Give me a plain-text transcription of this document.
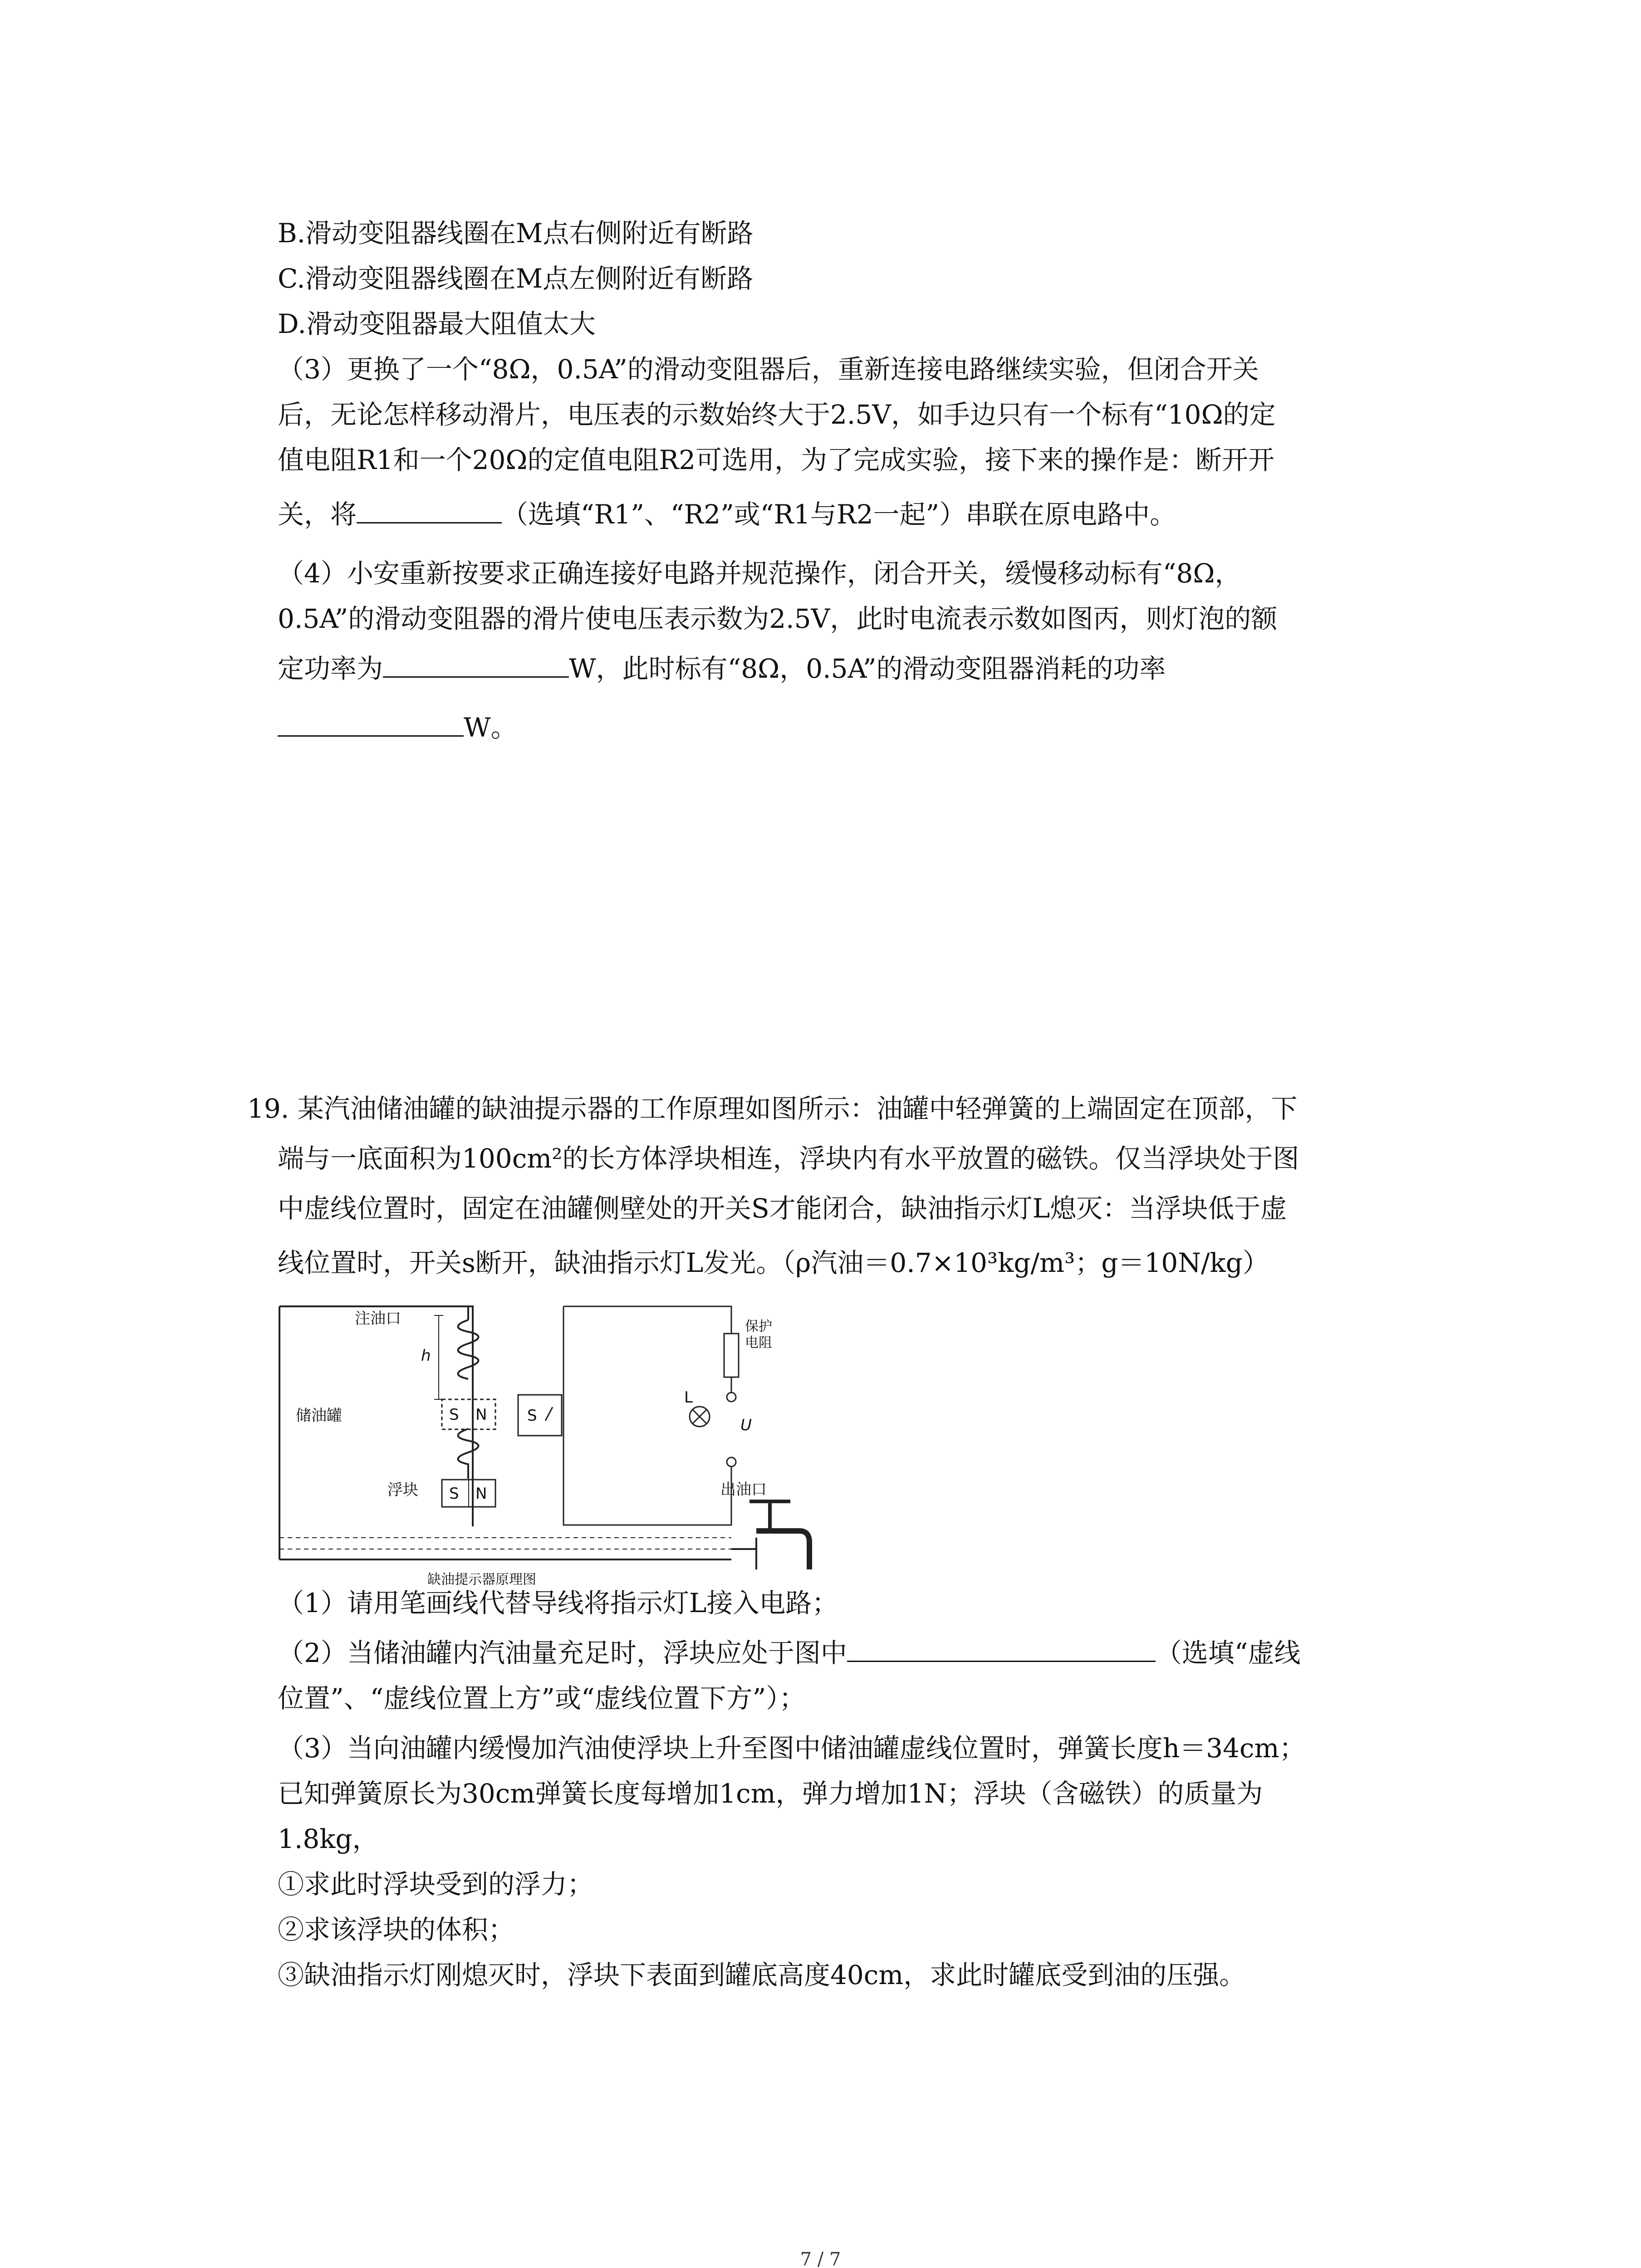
B.滑动变阻器线圈在M点右侧附近有断路
C.滑动变阻器线圈在M点左侧附近有断路
D.滑动变阻器最大阻值太大
（3）更换了一个“8Ω，0.5A”的滑动变阻器后，重新连接电路继续实验，但闭合开关
后，无论怎样移动滑片，电压表的示数始终大于2.5V，如手边只有一个标有“10Ω的定
值电阻R1和一个20Ω的定值电阻R2可选用，为了完成实验，接下来的操作是：断开开
关，将	（选填“R1”、“R2”或“R1与R2一起”）串联在原电路中。
（4）小安重新按要求正确连接好电路并规范操作，闭合开关，缓慢移动标有“8Ω，
0.5A”的滑动变阻器的滑片使电压表示数为2.5V，此时电流表示数如图丙，则灯泡的额
定功率为	W，此时标有“8Ω，0.5A”的滑动变阻器消耗的功率
W。
19. 某汽油储油罐的缺油提示器的工作原理如图所示：油罐中轻弹簧的上端固定在顶部，下
端与一底面积为100cm²的长方体浮块相连，浮块内有水平放置的磁铁。仅当浮块处于图
中虚线位置时，固定在油罐侧壁处的开关S才能闭合，缺油指示灯L熄灭：当浮块低于虚
线位置时，开关s断开，缺油指示灯L发光。（ρ汽油＝0.7×10³kg/m³；g＝10N/kg）
注油口
h
储油罐	S N
浮块 S N
S
保护
电阻
L
U
出油口
缺油提示器原理图
（1）请用笔画线代替导线将指示灯L接入电路；
（2）当储油罐内汽油量充足时，浮块应处于图中	（选填“虚线
位置”、“虚线位置上方”或“虚线位置下方”）；
（3）当向油罐内缓慢加汽油使浮块上升至图中储油罐虚线位置时，弹簧长度h＝34cm；
已知弹簧原长为30cm弹簧长度每增加1cm，弹力增加1N；浮块（含磁铁）的质量为
1.8kg，
①求此时浮块受到的浮力；
②求该浮块的体积；
③缺油指示灯刚熄灭时，浮块下表面到罐底高度40cm，求此时罐底受到油的压强。
7 / 7
